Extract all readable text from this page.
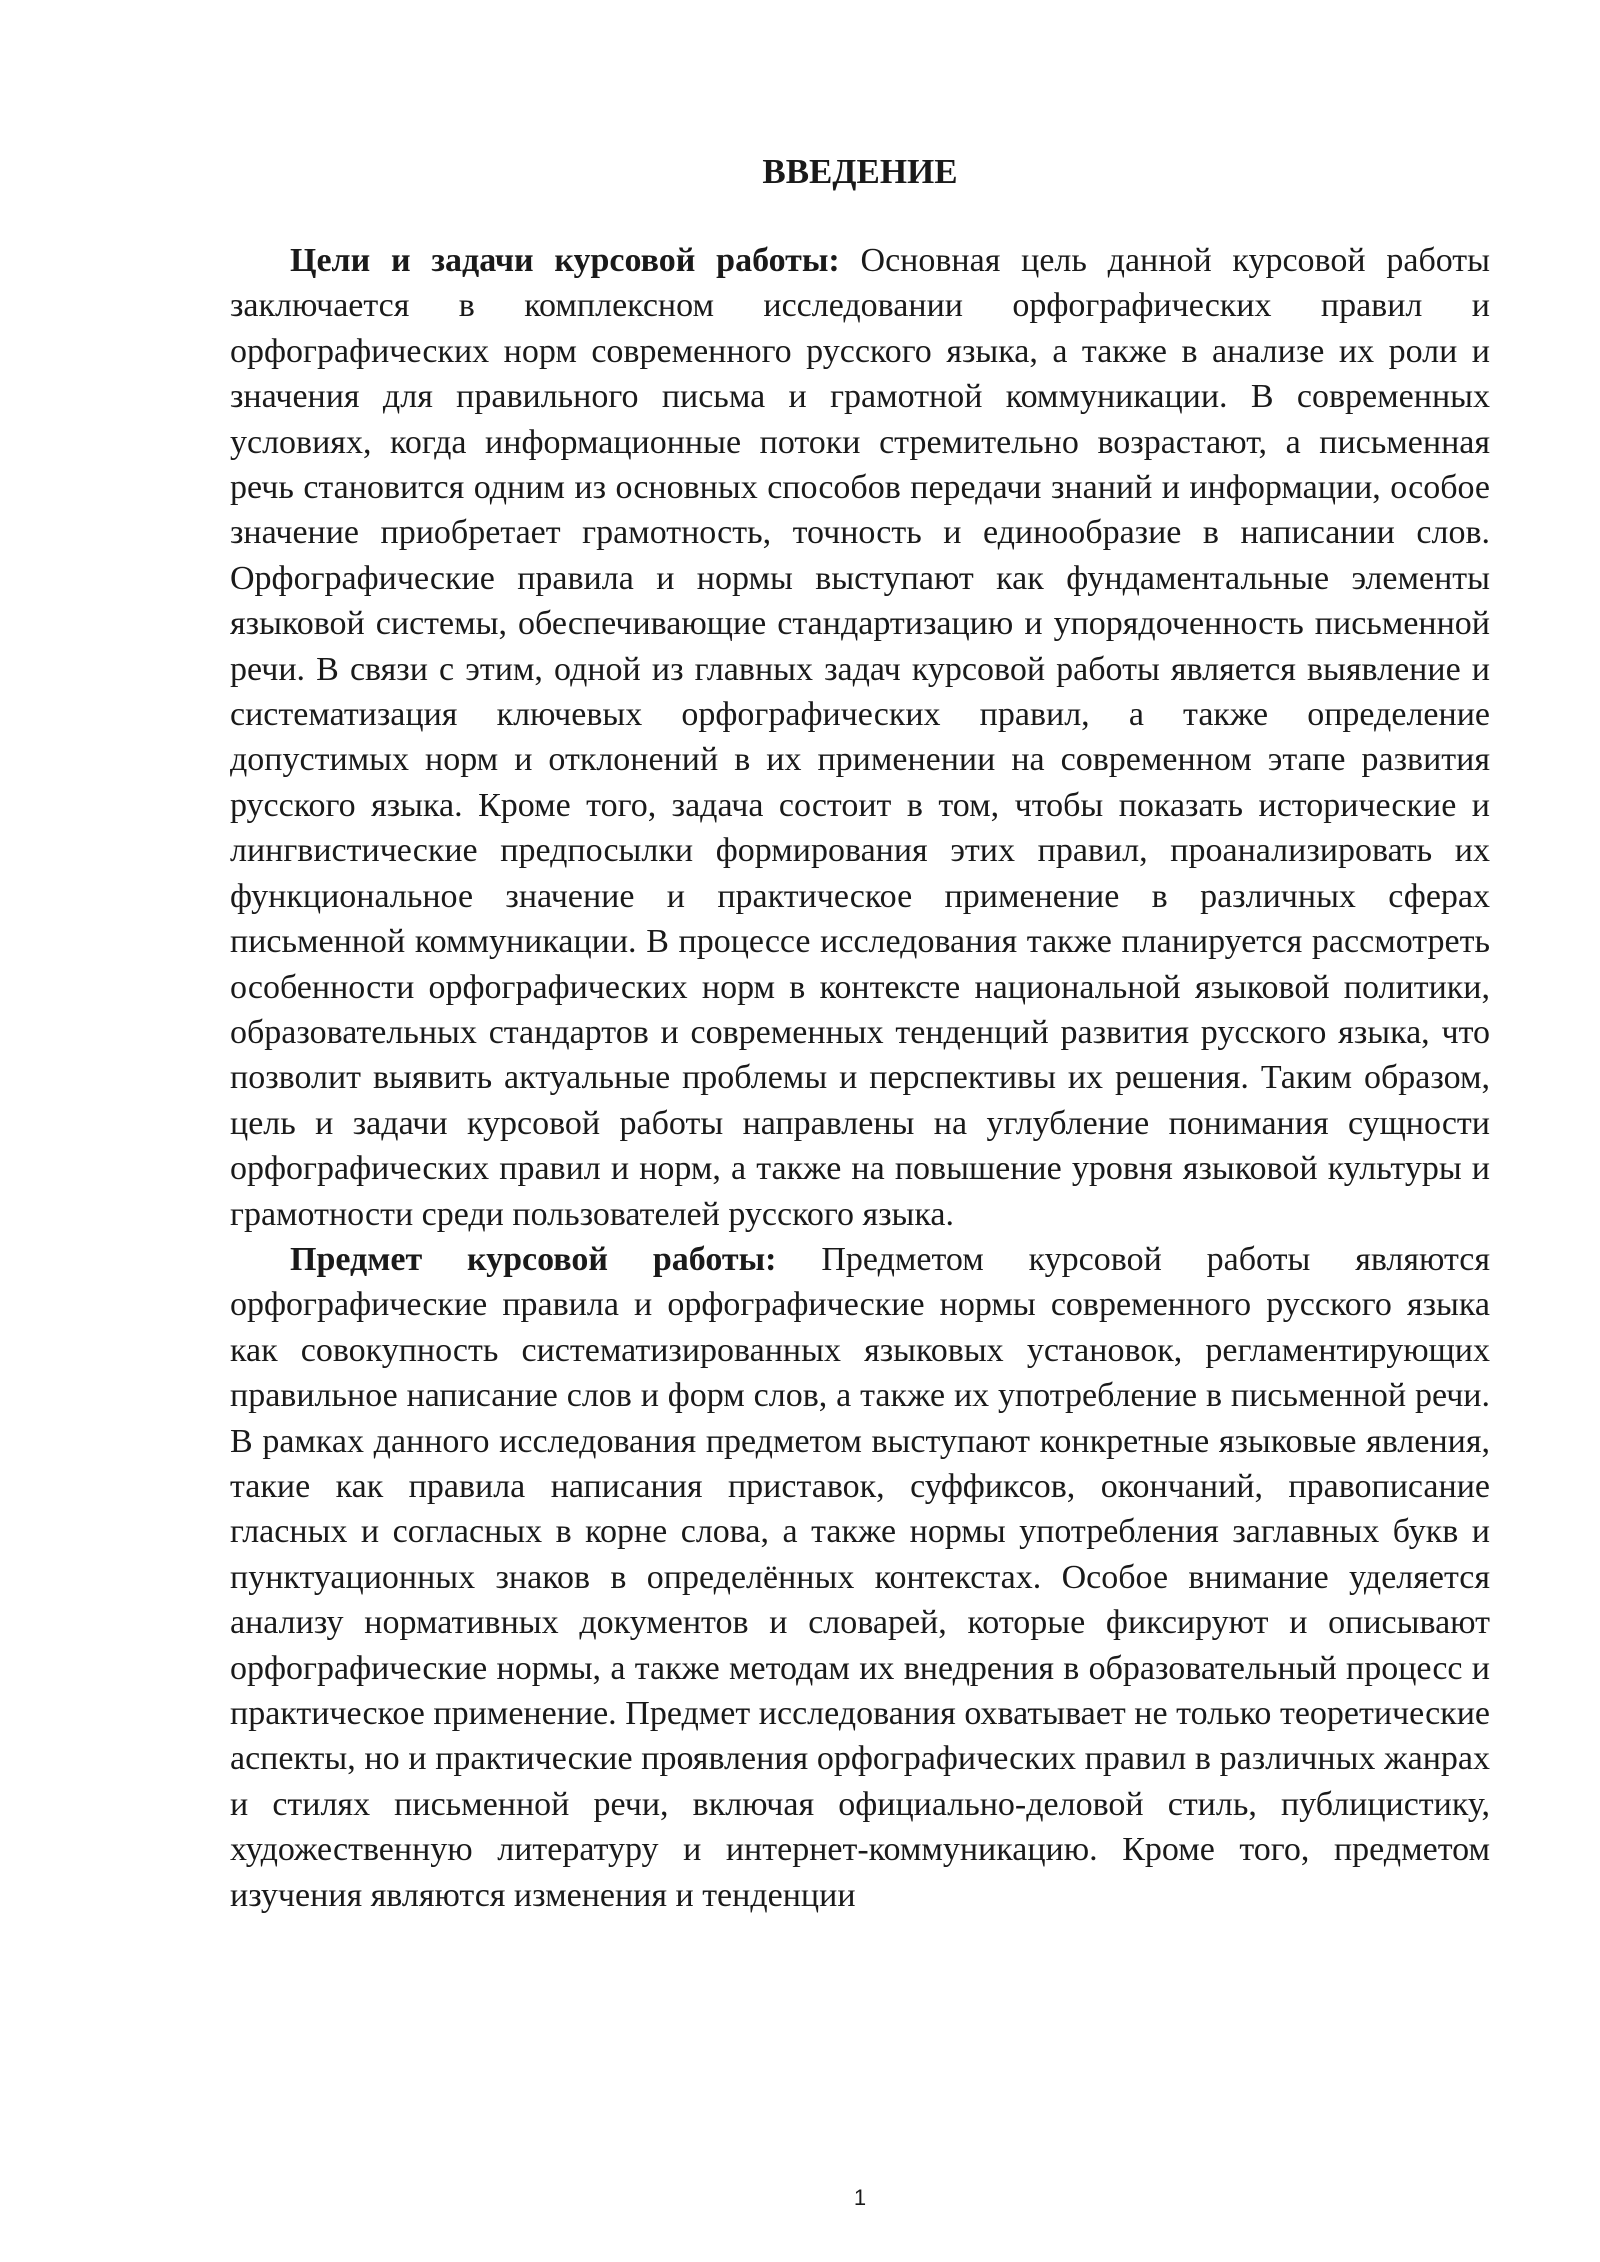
ВВЕДЕНИЕ

Цели и задачи курсовой работы: Основная цель данной курсовой работы заключается в комплексном исследовании орфографических правил и орфографических норм современного русского языка, а также в анализе их роли и значения для правильного письма и грамотной коммуникации. В современных условиях, когда информационные потоки стремительно возрастают, а письменная речь становится одним из основных способов передачи знаний и информации, особое значение приобретает грамотность, точность и единообразие в написании слов. Орфографические правила и нормы выступают как фундаментальные элементы языковой системы, обеспечивающие стандартизацию и упорядоченность письменной речи. В связи с этим, одной из главных задач курсовой работы является выявление и систематизация ключевых орфографических правил, а также определение допустимых норм и отклонений в их применении на современном этапе развития русского языка. Кроме того, задача состоит в том, чтобы показать исторические и лингвистические предпосылки формирования этих правил, проанализировать их функциональное значение и практическое применение в различных сферах письменной коммуникации. В процессе исследования также планируется рассмотреть особенности орфографических норм в контексте национальной языковой политики, образовательных стандартов и современных тенденций развития русского языка, что позволит выявить актуальные проблемы и перспективы их решения. Таким образом, цель и задачи курсовой работы направлены на углубление понимания сущности орфографических правил и норм, а также на повышение уровня языковой культуры и грамотности среди пользователей русского языка.

Предмет курсовой работы: Предметом курсовой работы являются орфографические правила и орфографические нормы современного русского языка как совокупность систематизированных языковых установок, регламентирующих правильное написание слов и форм слов, а также их употребление в письменной речи. В рамках данного исследования предметом выступают конкретные языковые явления, такие как правила написания приставок, суффиксов, окончаний, правописание гласных и согласных в корне слова, а также нормы употребления заглавных букв и пунктуационных знаков в определённых контекстах. Особое внимание уделяется анализу нормативных документов и словарей, которые фиксируют и описывают орфографические нормы, а также методам их внедрения в образовательный процесс и практическое применение. Предмет исследования охватывает не только теоретические аспекты, но и практические проявления орфографических правил в различных жанрах и стилях письменной речи, включая официально-деловой стиль, публицистику, художественную литературу и интернет-коммуникацию. Кроме того, предметом изучения являются изменения и тенденции

1
